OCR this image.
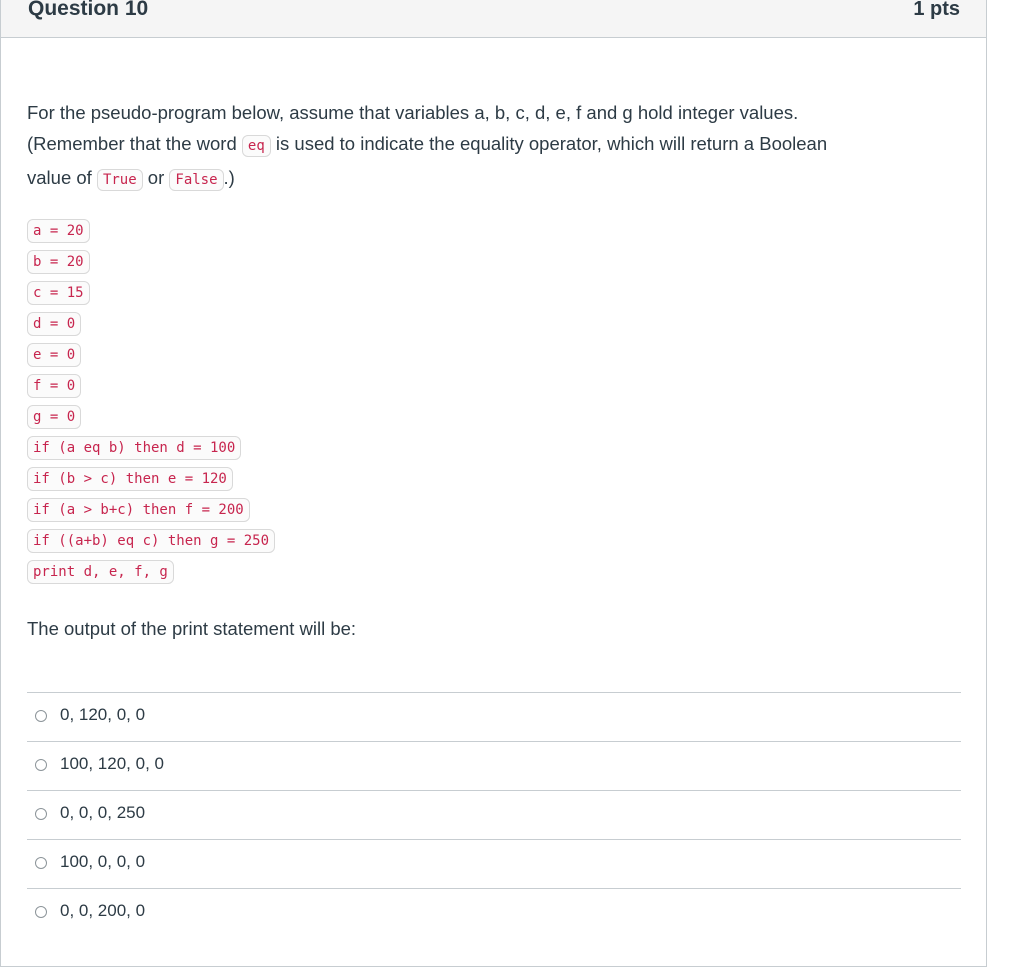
Question 10	1 pts
For the pseudo-program below, assume that variables a, b, c, d, e, f and g hold integer values.
(Remember that the word eq is used to indicate the equality operator, which will return a Boolean
value of True or False .)
a = 20
b = 20
c = 15
d = 0
e = 0
f = 0
g = 0
if (a eq b) then d = 100
if (b > c) then e = 120
if (a > b+c) then f = 200
if ((a+b) eq c) then g = 250
print d, e, f, g
The output of the print statement will be:
0, 120, 0, 0
100, 120, 0, 0
0, 0, 0, 250
100, 0, 0, 0
0, 0, 200, 0
